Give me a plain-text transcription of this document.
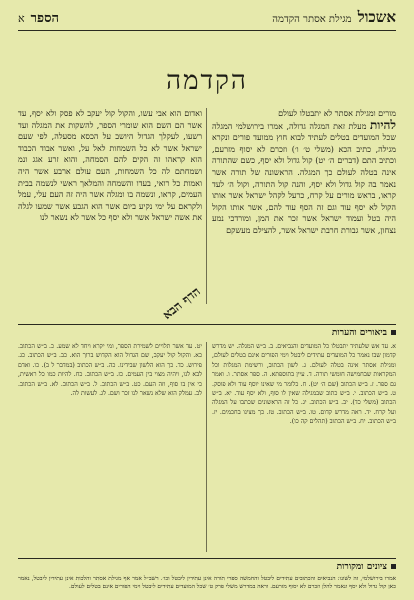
אשכול
מגילת אסתר הקדמה
הספר
א
הקדמה
מורים ומגילת אסתר לא יתבטלו לעולם
להיות מעלת זאת המגלה גדולה, אמרו בירושלמי המגלה שכל המועדים בטלים לעתיד לבוא חוץ ממועד פורים ונקרא מגילה, כתיב הכא (משלי ט׳ ו׳) וזכרם לא יסוף מזרעם, וכתיב התם (דברים ה׳ יט) קול גדול ולא יסף, כשם שהתורה אינה בטלה לעולם כך המגלה. הראשונה של תורה אשר נאמר בה קול גדול ולא יסף, והנה קול התורה, וקול ה׳ לעד קראו, בראש מורים על קרח, כרעל לקהל ישראל אשר אותו הקול לא יסף עוד וגם זה הסף עוד להם, אשר אותו הקול היה בטל ועמוד ישראל אשר זכר את המן, ומורדכי נמע נצחון, אשר גבורת חרבת ישראל אשר, להצילם מעשקם
ואדום הוא אבי עשו, והקול קול יעקב לא פסק ולא יסף, עד אשר הם השם הוא שומרי הספר, להשקות את המגלה ועד רשעו, לעקלך הגדול היושב על הכסא מסעלה, לפי שעם ישראל אשר לא כל השמחות לאל על, ואשר אבוד הכבוד הוא קראהו זה הקים להם הסמחה, והוא זרע אגג ונמ ושמחתם לה כל השמחות, העם עולם ארבע אשר היה ואמות כל רואי, בעדו והשמחה והמלאך ראשי לנשמה בבית העמים, קראו, ונשמה בו ומגלה אשר היה זה העם עלי, עמל ולקראם על ימי נקיע ביום אשר הוא הגבע אשר שמעו לגלה את אשה ישראל אשר ולא יסף כל אשר לא נשאר לנו
הדף הבא
ביאורים והערות
א. עד אש שלעתיד יתבטלו כל המועדים והנביאים. ב. ב״ש המגלה. יש מדרש קדמון שבו נאמר כל המועדים עתידים ליבטל וימי הפורים אינם בטלים לעולם, ומגילת אסתר אינה בטלה לעולם. ג. לשון הכתוב, ורשימת המגלות וכל המקראות שבחמישה חומשי תורה. ד. עיין בתוספתא. ה. ספר אסתר. ו. ואמר גם ספר. ז. ב״ש הכתוב (שם ה׳ יט). ח. כלומר מי שאינו יוסף עוד ולא פוסק. ט. ב״ש הכתוב. י. ב״ש כתוב שבמגילה שאין לו סוף, ולא יסף עוד. יא. ב״ש הכתוב (משלי כד). יב. ב״ש הכתוב. יג. כל זה הראשונים שכתבו על המגלה ועל קרח. יד. ראה מדרש קדום. טו. ב״ש הכתוב. טז. כך מצינו בחכמים. יז. ב״ש הכתוב. יח. ב״ש הכתוב (תהלים קה כו).
יט. עד אשר תלויים לשמירת הספר, ומי יקרא ויחד לא שמע. כ. ב״ש הכתוב. כא. והקול קול יעקב, שם הגדול הוא הקדוש ברוך הוא. כב. ב״ש הכתוב. כג. פירוש. כד. כך הוא הלשון שבידינו. כה. ב״ש הכתוב (במדבר ל ב). כו. ואדם לבא לנו, ויהיה מצוי בין העמים. כז. ב״ש הכתוב. כח. להיות כמו כל ראשית, כי אין בו סוף, וזה העם. כט. ב״ש הכתוב. ל. ב״ש הכתוב. לא. ב״ש הכתוב. לב. עמלק הוא שלא נשאר לנו זכר ושם. לג. לעשות לה.
ציונים ומקורות
אמרו בירושלמי, זה לשונו: הנביאים והכתובים עתידים ליבטל והחמשה ספרי תורה אינן עתידין ליבטל וכו׳. רשב״ל אמר אף מגילת אסתר והלכות אינן עתידין ליבטל, נאמר כאן קול גדול ולא יסף ונאמר להלן וזכרם לא יסוף מזרעם. וראה במדרש משלי פרק ט׳ שכל המועדים עתידים ליבטל וימי הפורים אינם בטלים לעולם.
